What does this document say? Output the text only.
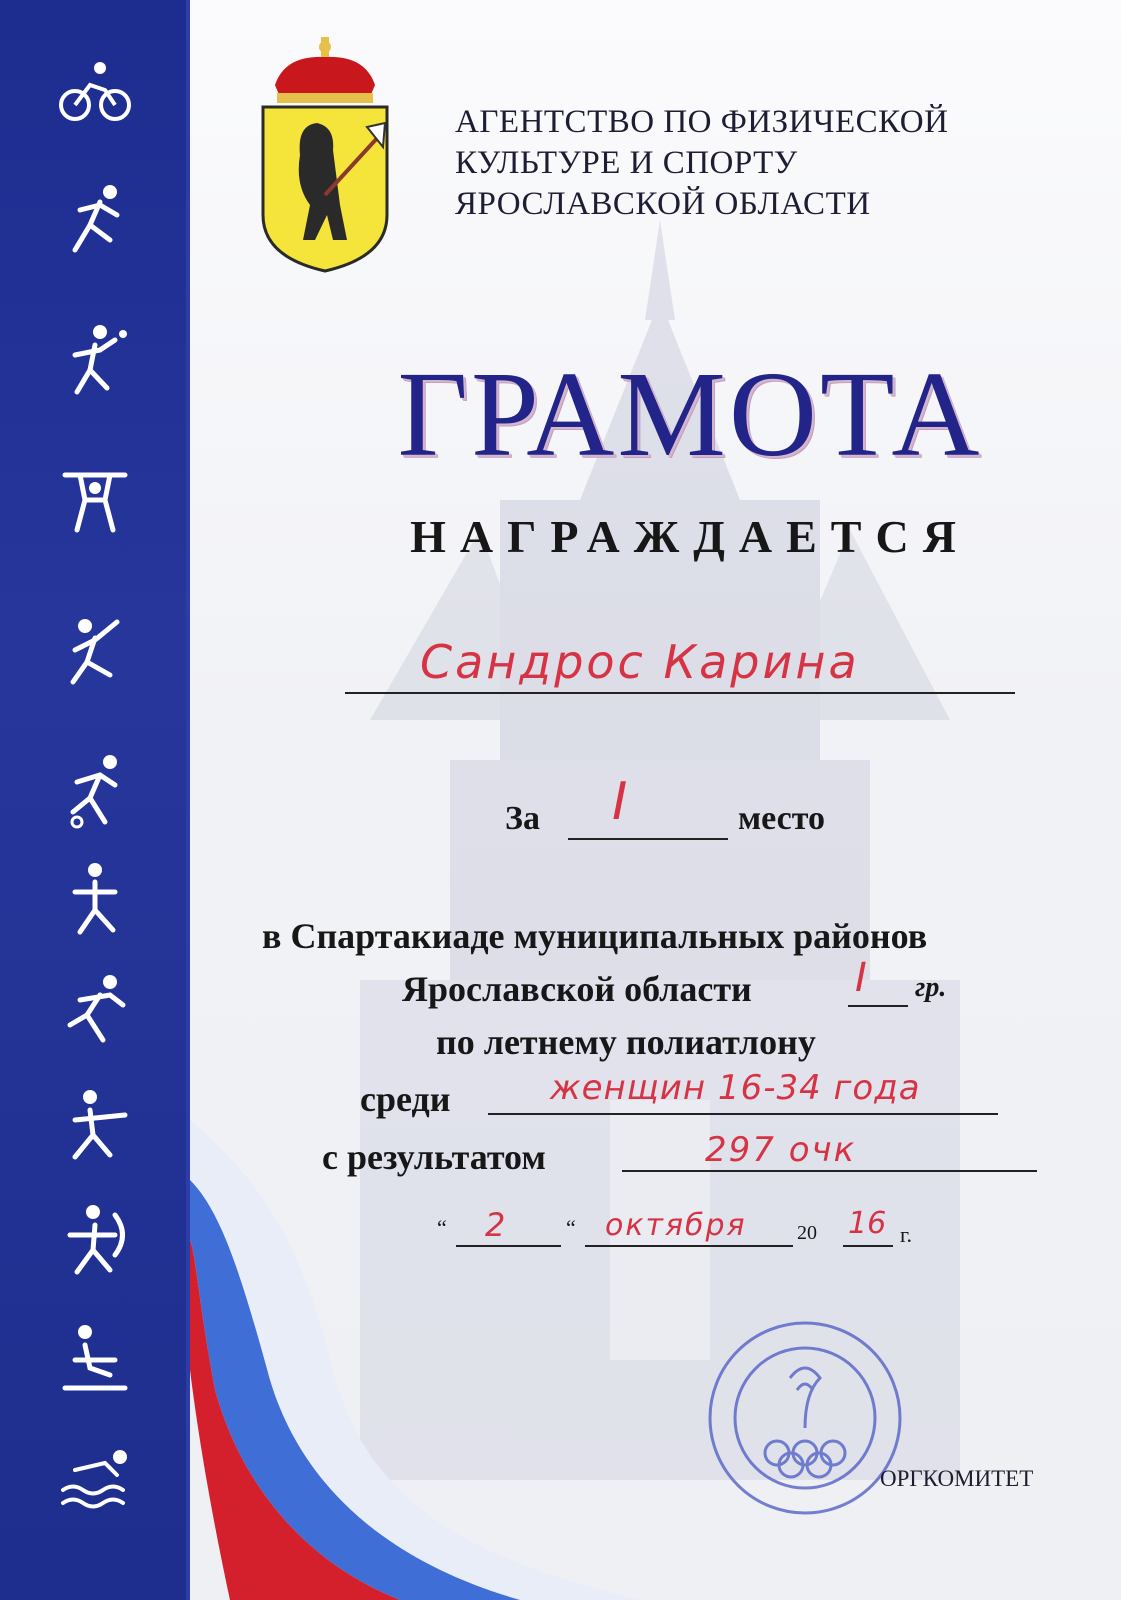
АГЕНТСТВО ПО ФИЗИЧЕСКОЙ
КУЛЬТУРЕ И СПОРТУ
ЯРОСЛАВСКОЙ ОБЛАСТИ
ГРАМОТА
НАГРАЖДАЕТСЯ
Сандрос Карина
За I	место
в Спартакиаде муниципальных районов
Ярославской области	I гр.
по летнему полиатлону
среди	женщин 16-34 года
с результатом	297 очк
“ 2	“ октября	20 16 г.
ОРГКОМИТЕТ
